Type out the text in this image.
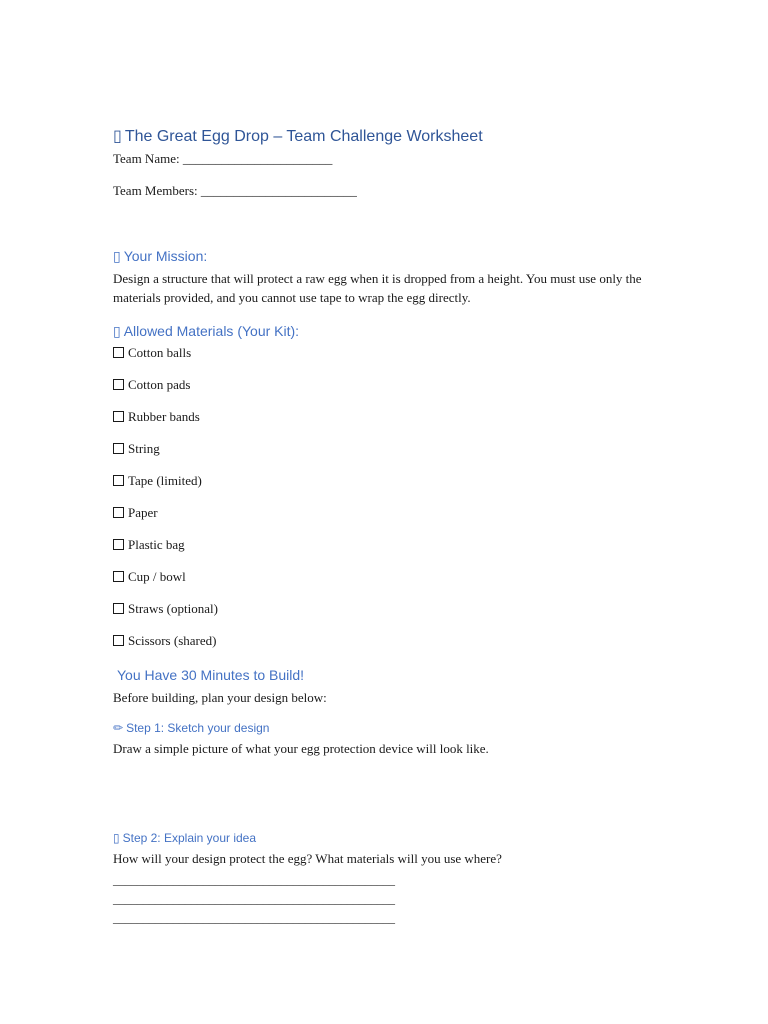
▯ The Great Egg Drop – Team Challenge Worksheet
Team Name: _______________________
Team Members: ________________________
▯ Your Mission:
Design a structure that will protect a raw egg when it is dropped from a height. You must use only the materials provided, and you cannot use tape to wrap the egg directly.
▯ Allowed Materials (Your Kit):
Cotton balls
Cotton pads
Rubber bands
String
Tape (limited)
Paper
Plastic bag
Cup / bowl
Straws (optional)
Scissors (shared)
You Have 30 Minutes to Build!
Before building, plan your design below:
✏ Step 1: Sketch your design
Draw a simple picture of what your egg protection device will look like.
▯ Step 2: Explain your idea
How will your design protect the egg? What materials will you use where?
_______________________________________________
_______________________________________________
_______________________________________________
